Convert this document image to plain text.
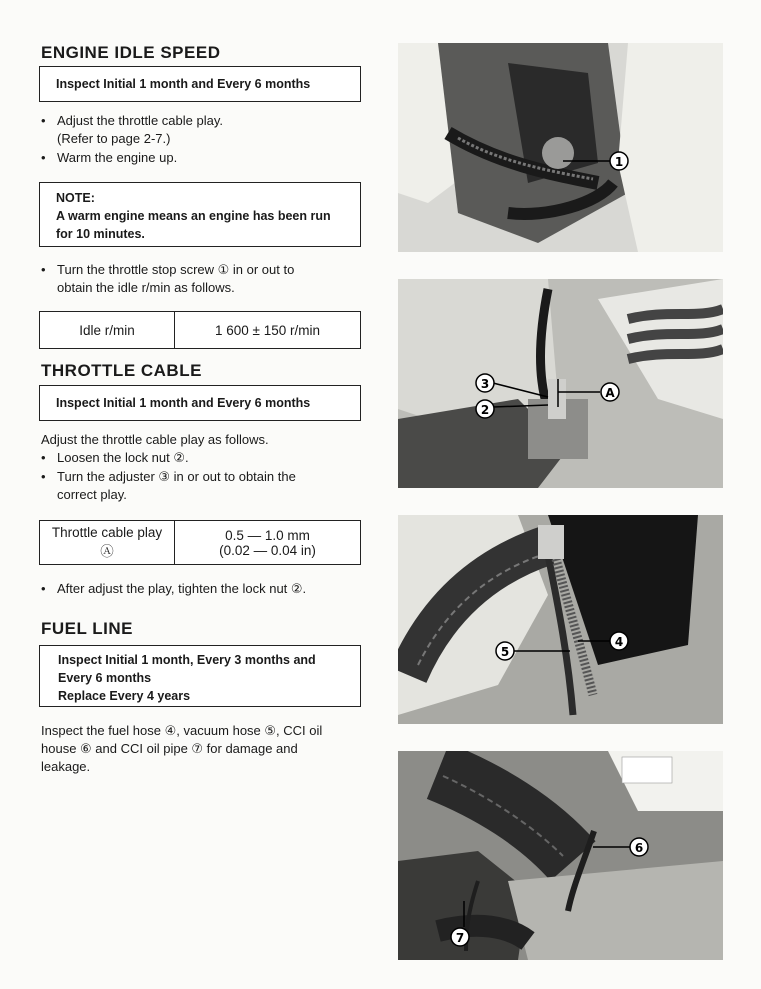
ENGINE IDLE SPEED
Inspect Initial 1 month and Every 6 months
• Adjust the throttle cable play.
(Refer to page 2-7.)
• Warm the engine up.
NOTE:
A warm engine means an engine has been run
for 10 minutes.
• Turn the throttle stop screw ① in or out to
obtain the idle r/min as follows.
Idle r/min	1 600 ± 150 r/min
THROTTLE CABLE
Inspect Initial 1 month and Every 6 months
Adjust the throttle cable play as follows.
• Loosen the lock nut ②.
• Turn the adjuster ③ in or out to obtain the
correct play.
Throttle cable play
Ⓐ
0.5 — 1.0 mm
(0.02 — 0.04 in)
• After adjust the play, tighten the lock nut ②.
FUEL LINE
Inspect Initial 1 month, Every 3 months and
Every 6 months
Replace Every 4 years
Inspect the fuel hose ④, vacuum hose ⑤, CCI oil
house ⑥ and CCI oil pipe ⑦ for damage and
leakage.
1
3
2
A
5
4
6
7
